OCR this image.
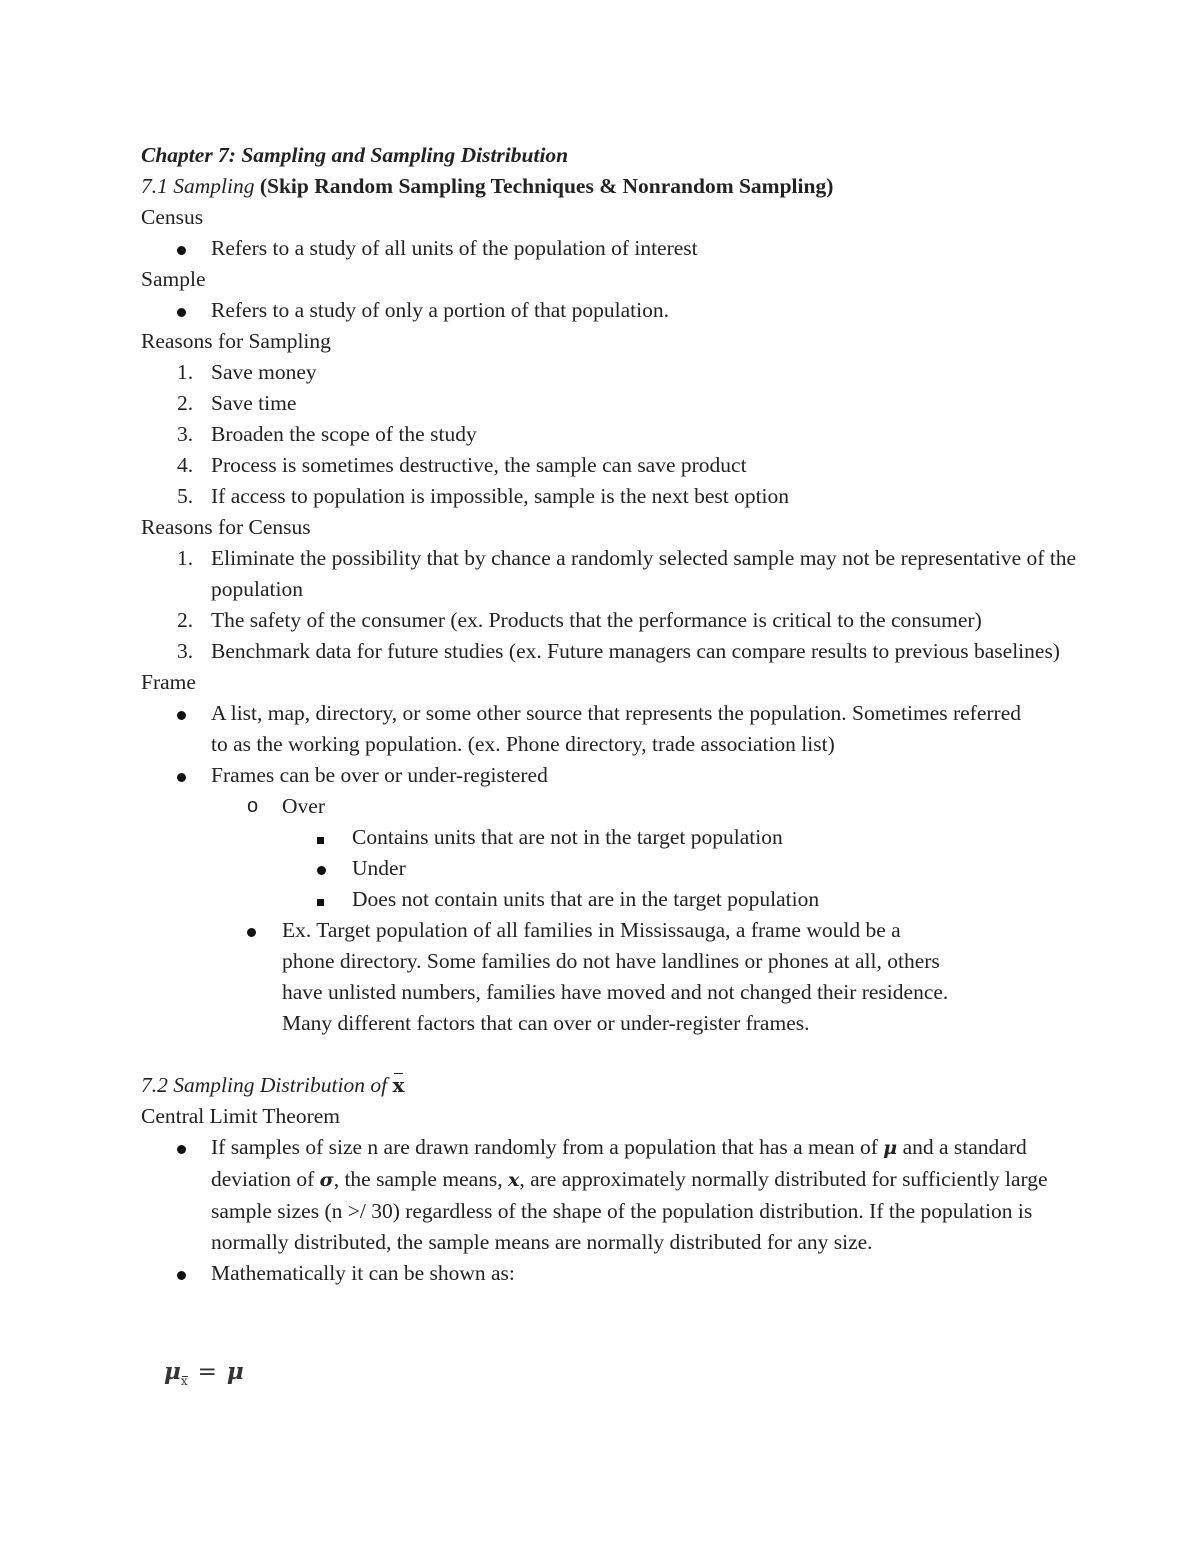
Chapter 7: Sampling and Sampling Distribution

7.1 Sampling (Skip Random Sampling Techniques & Nonrandom Sampling)

Census

Refers to a study of all units of the population of interest

Sample

Refers to a study of only a portion of that population.

Reasons for Sampling

1. Save money
2. Save time
3. Broaden the scope of the study
4. Process is sometimes destructive, the sample can save product
5. If access to population is impossible, sample is the next best option

Reasons for Census

1. Eliminate the possibility that by chance a randomly selected sample may not be representative of the population
2. The safety of the consumer (ex. Products that the performance is critical to the consumer)
3. Benchmark data for future studies (ex. Future managers can compare results to previous baselines)

Frame

A list, map, directory, or some other source that represents the population. Sometimes referred to as the working population. (ex. Phone directory, trade association list)
Frames can be over or under-registered
o Over
Contains units that are not in the target population
Under
Does not contain units that are in the target population
Ex. Target population of all families in Mississauga, a frame would be a phone directory. Some families do not have landlines or phones at all, others have unlisted numbers, families have moved and not changed their residence. Many different factors that can over or under-register frames.

7.2 Sampling Distribution of x

Central Limit Theorem

If samples of size n are drawn randomly from a population that has a mean of μ and a standard deviation of σ, the sample means, x, are approximately normally distributed for sufficiently large sample sizes (n >/ 30) regardless of the shape of the population distribution. If the population is normally distributed, the sample means are normally distributed for any size.
Mathematically it can be shown as:
μx = μ
